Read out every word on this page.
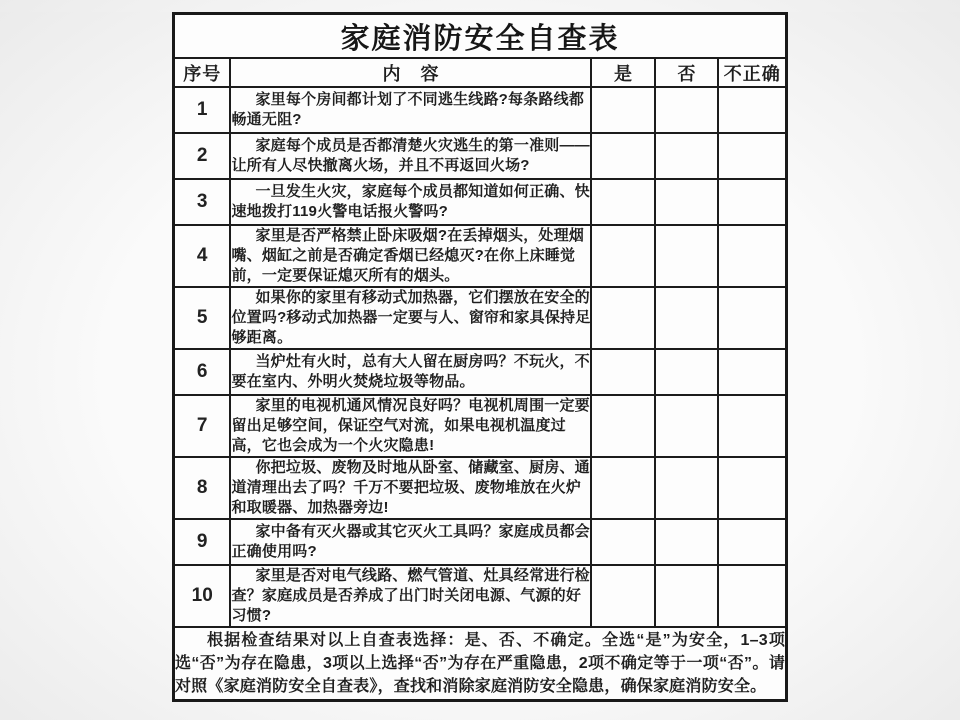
家庭消防安全自查表				
序号	内　容	是	否	不正确
1	家里每个房间都计划了不同逃生线路?每条路线都畅通无阻?			

2	家庭每个成员是否都清楚火灾逃生的第一准则——让所有人尽快撤离火场，并且不再返回火场?			

3	一旦发生火灾，家庭每个成员都知道如何正确、快速地拨打119火警电话报火警吗?			

4	家里是否严格禁止卧床吸烟?在丢掉烟头，处理烟嘴、烟缸之前是否确定香烟已经熄灭?在你上床睡觉前，一定要保证熄灭所有的烟头。			

5	如果你的家里有移动式加热器，它们摆放在安全的位置吗?移动式加热器一定要与人、窗帘和家具保持足够距离。			

6	当炉灶有火时，总有大人留在厨房吗？不玩火，不要在室内、外明火焚烧垃圾等物品。			

7	家里的电视机通风情况良好吗？电视机周围一定要留出足够空间，保证空气对流，如果电视机温度过高，它也会成为一个火灾隐患!			

8	你把垃圾、废物及时地从卧室、储藏室、厨房、通道清理出去了吗？千万不要把垃圾、废物堆放在火炉和取暖器、加热器旁边!			

9	家中备有灭火器或其它灭火工具吗？家庭成员都会正确使用吗?			

10	家里是否对电气线路、燃气管道、灶具经常进行检查？家庭成员是否养成了出门时关闭电源、气源的好习惯?			

根据检查结果对以上自查表选择：是、否、不确定。全选“是”为安全，1–3项选“否”为存在隐患，3项以上选择“否”为存在严重隐患，2项不确定等于一项“否”。请对照《家庭消防安全自查表》，查找和消除家庭消防安全隐患，确保家庭消防安全。				
